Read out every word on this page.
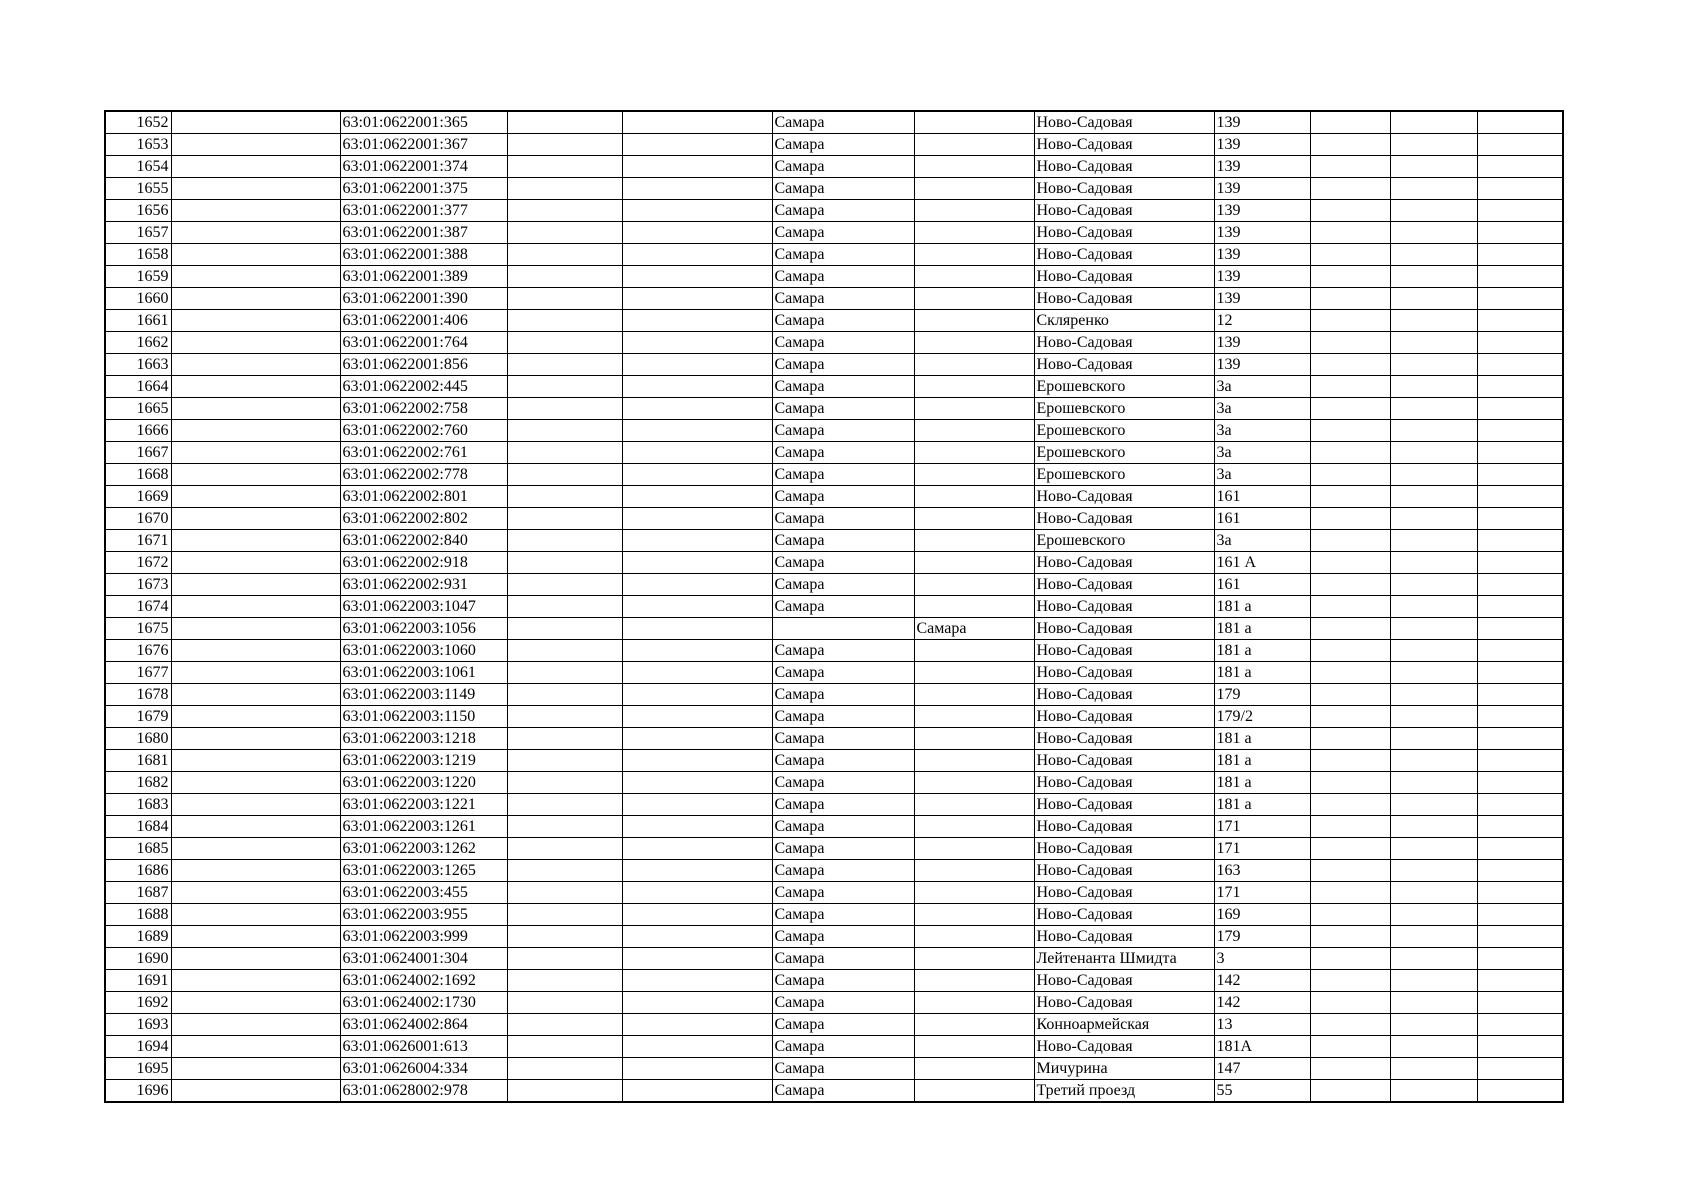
1652		63:01:0622001:365			Самара		Ново-Садовая	139			
1653		63:01:0622001:367			Самара		Ново-Садовая	139			
1654		63:01:0622001:374			Самара		Ново-Садовая	139			
1655		63:01:0622001:375			Самара		Ново-Садовая	139			
1656		63:01:0622001:377			Самара		Ново-Садовая	139			
1657		63:01:0622001:387			Самара		Ново-Садовая	139			
1658		63:01:0622001:388			Самара		Ново-Садовая	139			
1659		63:01:0622001:389			Самара		Ново-Садовая	139			
1660		63:01:0622001:390			Самара		Ново-Садовая	139			
1661		63:01:0622001:406			Самара		Скляренко	12			
1662		63:01:0622001:764			Самара		Ново-Садовая	139			
1663		63:01:0622001:856			Самара		Ново-Садовая	139			
1664		63:01:0622002:445			Самара		Ерошевского	3а			
1665		63:01:0622002:758			Самара		Ерошевского	3а			
1666		63:01:0622002:760			Самара		Ерошевского	3а			
1667		63:01:0622002:761			Самара		Ерошевского	3а			
1668		63:01:0622002:778			Самара		Ерошевского	3а			
1669		63:01:0622002:801			Самара		Ново-Садовая	161			
1670		63:01:0622002:802			Самара		Ново-Садовая	161			
1671		63:01:0622002:840			Самара		Ерошевского	3а			
1672		63:01:0622002:918			Самара		Ново-Садовая	161 А			
1673		63:01:0622002:931			Самара		Ново-Садовая	161			
1674		63:01:0622003:1047			Самара		Ново-Садовая	181 а			
1675		63:01:0622003:1056				Самара	Ново-Садовая	181 а			
1676		63:01:0622003:1060			Самара		Ново-Садовая	181 а			
1677		63:01:0622003:1061			Самара		Ново-Садовая	181 а			
1678		63:01:0622003:1149			Самара		Ново-Садовая	179			
1679		63:01:0622003:1150			Самара		Ново-Садовая	179/2			
1680		63:01:0622003:1218			Самара		Ново-Садовая	181 а			
1681		63:01:0622003:1219			Самара		Ново-Садовая	181 а			
1682		63:01:0622003:1220			Самара		Ново-Садовая	181 а			
1683		63:01:0622003:1221			Самара		Ново-Садовая	181 а			
1684		63:01:0622003:1261			Самара		Ново-Садовая	171			
1685		63:01:0622003:1262			Самара		Ново-Садовая	171			
1686		63:01:0622003:1265			Самара		Ново-Садовая	163			
1687		63:01:0622003:455			Самара		Ново-Садовая	171			
1688		63:01:0622003:955			Самара		Ново-Садовая	169			
1689		63:01:0622003:999			Самара		Ново-Садовая	179			
1690		63:01:0624001:304			Самара		Лейтенанта Шмидта	3			
1691		63:01:0624002:1692			Самара		Ново-Садовая	142			
1692		63:01:0624002:1730			Самара		Ново-Садовая	142			
1693		63:01:0624002:864			Самара		Конноармейская	13			
1694		63:01:0626001:613			Самара		Ново-Садовая	181А			
1695		63:01:0626004:334			Самара		Мичурина	147			
1696		63:01:0628002:978			Самара		Третий проезд	55			
